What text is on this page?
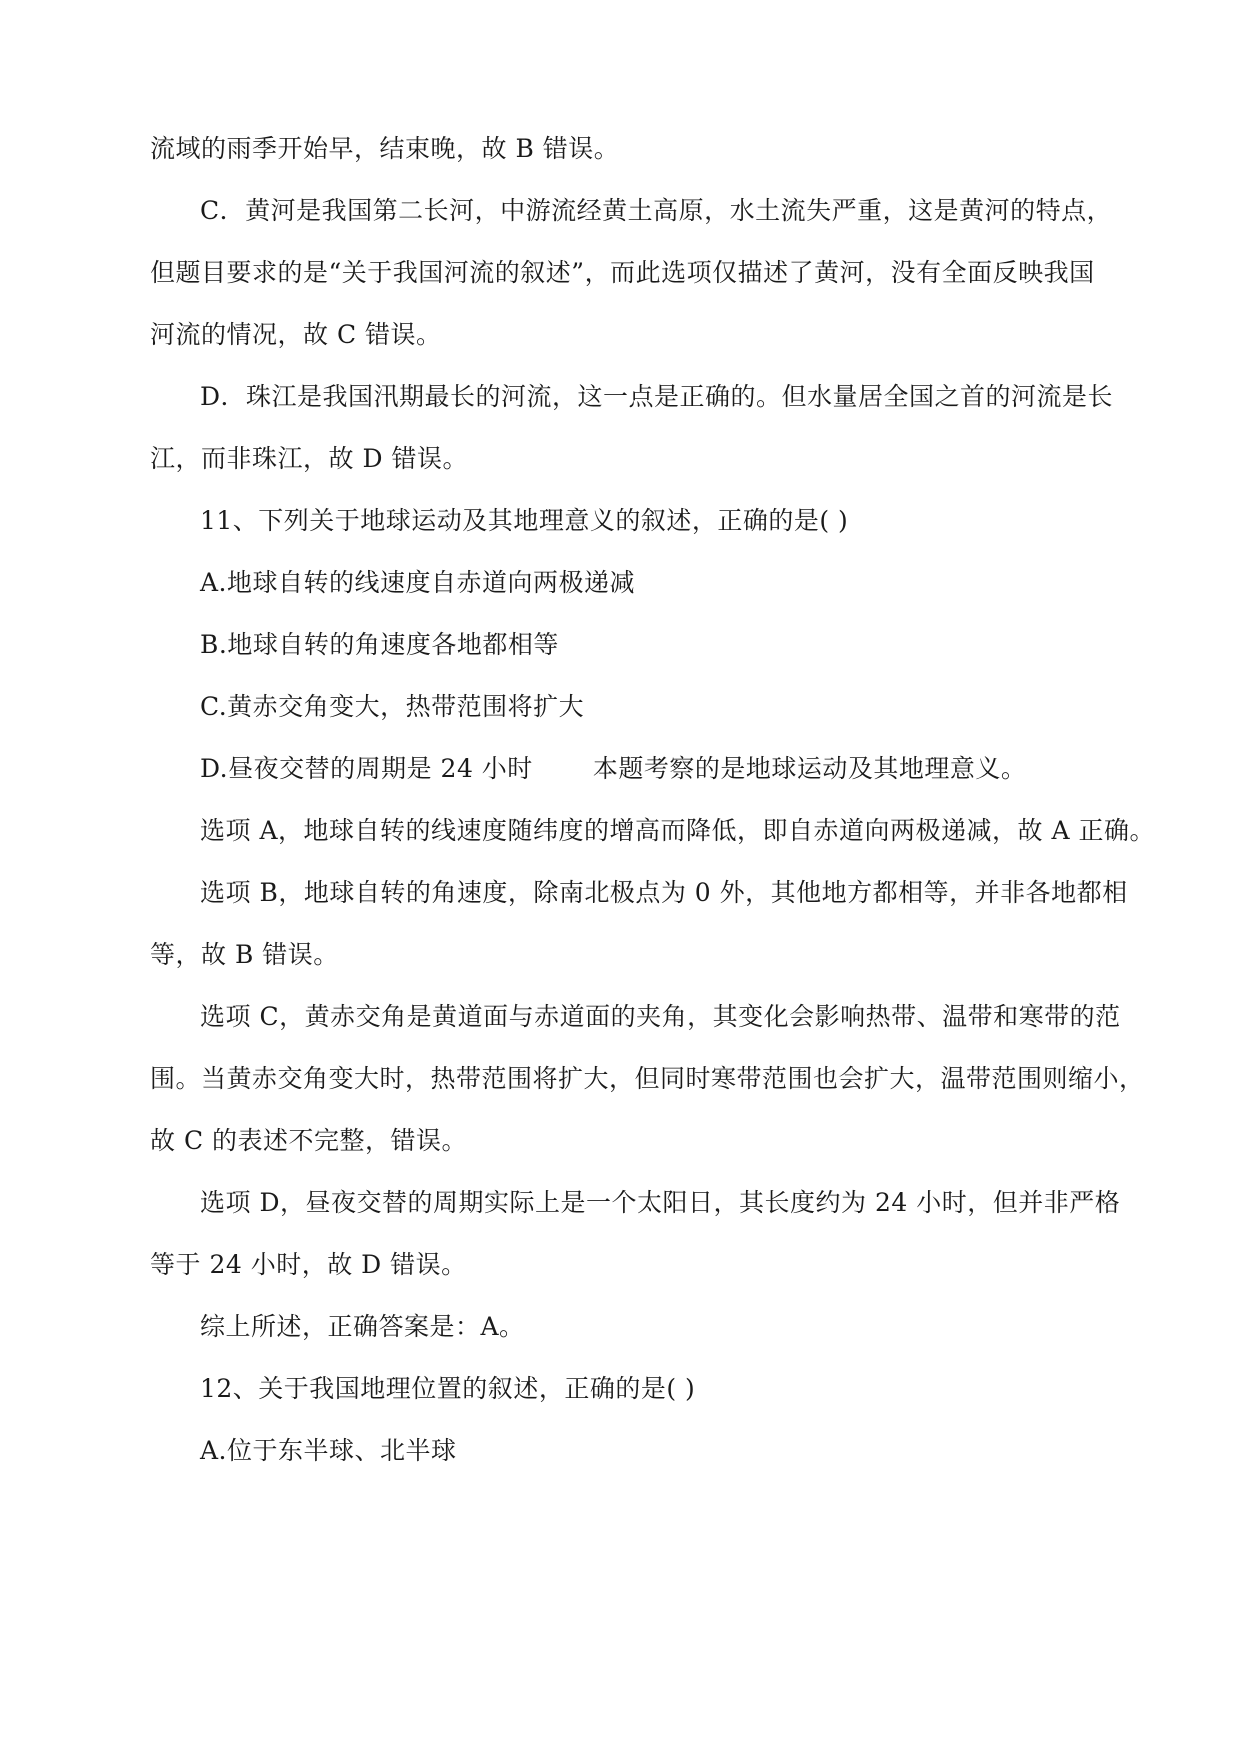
流域的雨季开始早，结束晚，故 B 错误。
C．黄河是我国第二长河，中游流经黄土高原，水土流失严重，这是黄河的特点，
但题目要求的是“关于我国河流的叙述”，而此选项仅描述了黄河，没有全面反映我国
河流的情况，故 C 错误。
D．珠江是我国汛期最长的河流，这一点是正确的。但水量居全国之首的河流是长
江，而非珠江，故 D 错误。
11、下列关于地球运动及其地理意义的叙述，正确的是( )
A.地球自转的线速度自赤道向两极递减
B.地球自转的角速度各地都相等
C.黄赤交角变大，热带范围将扩大
D.昼夜交替的周期是 24 小时 本题考察的是地球运动及其地理意义。
选项 A，地球自转的线速度随纬度的增高而降低，即自赤道向两极递减，故 A 正确。
选项 B，地球自转的角速度，除南北极点为 0 外，其他地方都相等，并非各地都相
等，故 B 错误。
选项 C，黄赤交角是黄道面与赤道面的夹角，其变化会影响热带、温带和寒带的范
围。当黄赤交角变大时，热带范围将扩大，但同时寒带范围也会扩大，温带范围则缩小，
故 C 的表述不完整，错误。
选项 D，昼夜交替的周期实际上是一个太阳日，其长度约为 24 小时，但并非严格
等于 24 小时，故 D 错误。
综上所述，正确答案是：A。
12、关于我国地理位置的叙述，正确的是( )
A.位于东半球、北半球
